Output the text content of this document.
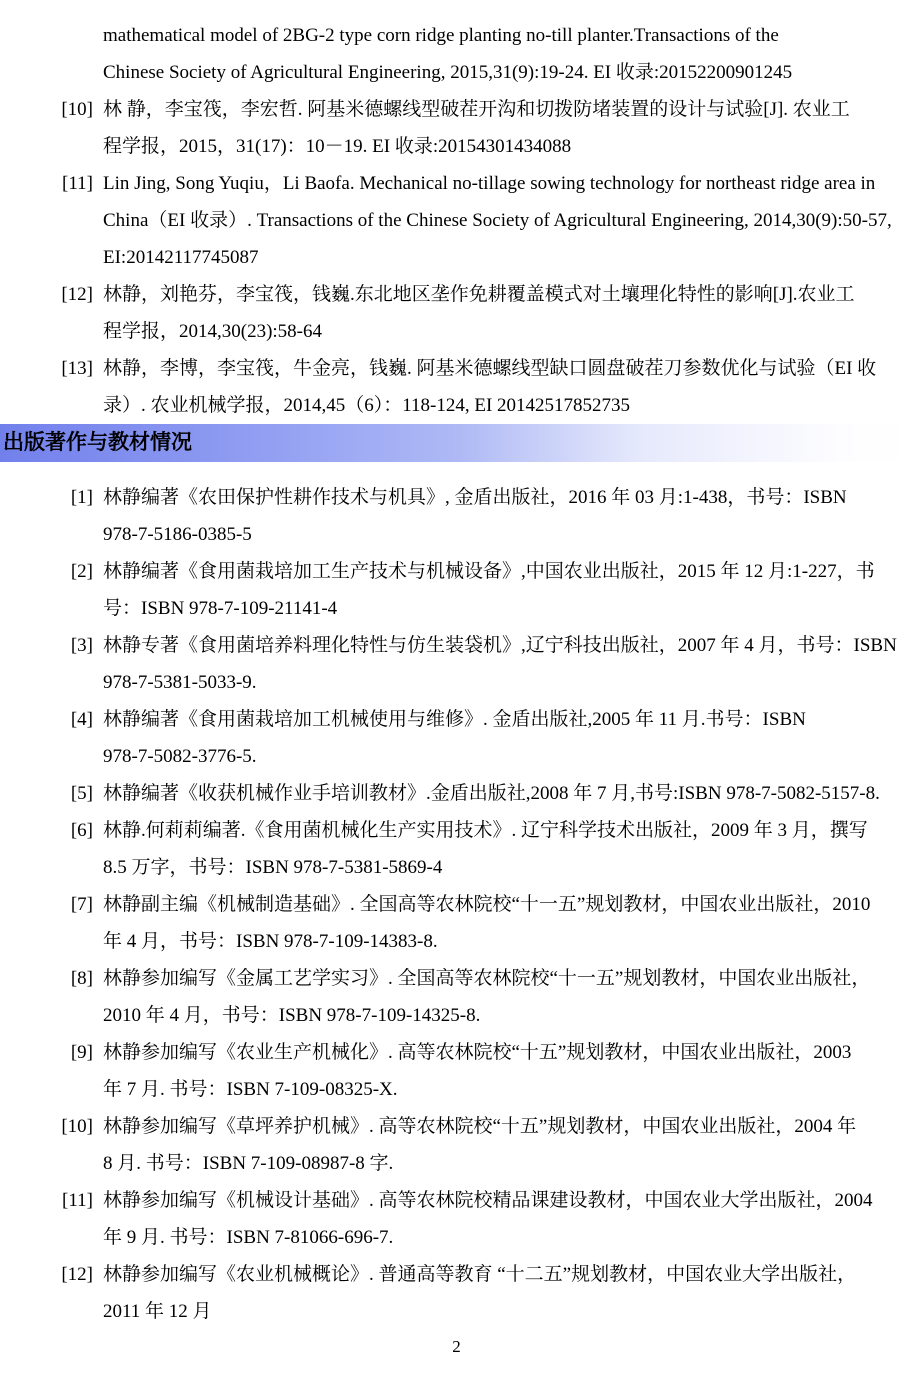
mathematical model of 2BG-2 type corn ridge planting no-till planter.Transactions of the
Chinese Society of Agricultural Engineering, 2015,31(9):19-24. EI 收录:20152200901245
[10] 林 静，李宝筏，李宏哲. 阿基米德螺线型破茬开沟和切拨防堵装置的设计与试验[J]. 农业工
程学报，2015，31(17)：10－19. EI 收录:20154301434088
[11] Lin Jing, Song Yuqiu，Li Baofa. Mechanical no-tillage sowing technology for northeast ridge area in
China（EI 收录）. Transactions of the Chinese Society of Agricultural Engineering, 2014,30(9):50-57,
EI:20142117745087
[12] 林静，刘艳芬，李宝筏，钱巍.东北地区垄作免耕覆盖模式对土壤理化特性的影响[J].农业工
程学报，2014,30(23):58-64
[13] 林静，李博，李宝筏，牛金亮，钱巍. 阿基米德螺线型缺口圆盘破茬刀参数优化与试验（EI 收
录）. 农业机械学报，2014,45（6）：118-124, EI 20142517852735
出版著作与教材情况
[1] 林静编著《农田保护性耕作技术与机具》, 金盾出版社，2016 年 03 月:1-438，书号：ISBN
978-7-5186-0385-5
[2] 林静编著《食用菌栽培加工生产技术与机械设备》,中国农业出版社，2015 年 12 月:1-227，书
号：ISBN 978-7-109-21141-4
[3] 林静专著《食用菌培养料理化特性与仿生装袋机》,辽宁科技出版社，2007 年 4 月，书号：ISBN
978-7-5381-5033-9.
[4] 林静编著《食用菌栽培加工机械使用与维修》. 金盾出版社,2005 年 11 月.书号：ISBN
978-7-5082-3776-5.
[5] 林静编著《收获机械作业手培训教材》.金盾出版社,2008 年 7 月,书号:ISBN 978-7-5082-5157-8.
[6] 林静.何莉莉编著.《食用菌机械化生产实用技术》. 辽宁科学技术出版社，2009 年 3 月，撰写
8.5 万字，书号：ISBN 978-7-5381-5869-4
[7] 林静副主编《机械制造基础》. 全国高等农林院校“十一五”规划教材，中国农业出版社，2010
年 4 月，书号：ISBN 978-7-109-14383-8.
[8] 林静参加编写《金属工艺学实习》. 全国高等农林院校“十一五”规划教材，中国农业出版社，
2010 年 4 月，书号：ISBN 978-7-109-14325-8.
[9] 林静参加编写《农业生产机械化》. 高等农林院校“十五”规划教材，中国农业出版社，2003
年 7 月. 书号：ISBN 7-109-08325-X.
[10] 林静参加编写《草坪养护机械》. 高等农林院校“十五”规划教材，中国农业出版社，2004 年
8 月. 书号：ISBN 7-109-08987-8 字.
[11] 林静参加编写《机械设计基础》. 高等农林院校精品课建设教材，中国农业大学出版社，2004
年 9 月. 书号：ISBN 7-81066-696-7.
[12] 林静参加编写《农业机械概论》. 普通高等教育 “十二五”规划教材，中国农业大学出版社，
2011 年 12 月
2
